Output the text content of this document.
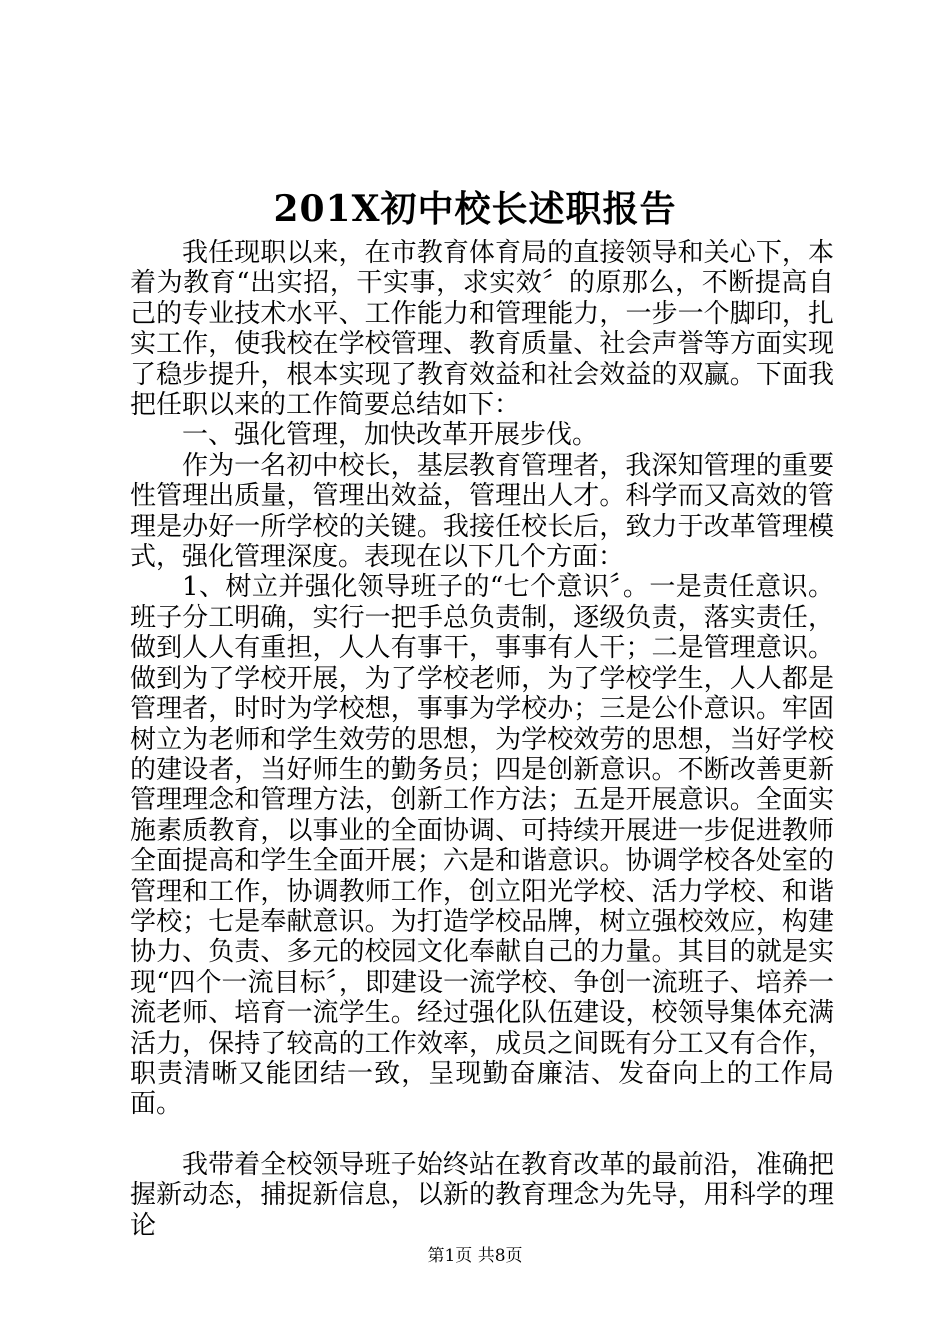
201X初中校长述职报告

我任现职以来，在市教育体育局的直接领导和关心下，本着为教育“出实招，干实事，求实效〞的原那么，不断提高自己的专业技术水平、工作能力和管理能力，一步一个脚印，扎实工作，使我校在学校管理、教育质量、社会声誉等方面实现了稳步提升，根本实现了教育效益和社会效益的双赢。下面我把任职以来的工作简要总结如下：

一、强化管理，加快改革开展步伐。

作为一名初中校长，基层教育管理者，我深知管理的重要性管理出质量，管理出效益，管理出人才。科学而又高效的管理是办好一所学校的关键。我接任校长后，致力于改革管理模式，强化管理深度。表现在以下几个方面：

1、树立并强化领导班子的“七个意识〞。一是责任意识。班子分工明确，实行一把手总负责制，逐级负责，落实责任，做到人人有重担，人人有事干，事事有人干；二是管理意识。做到为了学校开展，为了学校老师，为了学校学生，人人都是管理者，时时为学校想，事事为学校办；三是公仆意识。牢固树立为老师和学生效劳的思想，为学校效劳的思想，当好学校的建设者，当好师生的勤务员；四是创新意识。不断改善更新管理理念和管理方法，创新工作方法；五是开展意识。全面实施素质教育，以事业的全面协调、可持续开展进一步促进教师全面提高和学生全面开展；六是和谐意识。协调学校各处室的管理和工作，协调教师工作，创立阳光学校、活力学校、和谐学校；七是奉献意识。为打造学校品牌，树立强校效应，构建协力、负责、多元的校园文化奉献自己的力量。其目的就是实现“四个一流目标〞，即建设一流学校、争创一流班子、培养一流老师、培育一流学生。经过强化队伍建设，校领导集体充满活力，保持了较高的工作效率，成员之间既有分工又有合作，职责清晰又能团结一致，呈现勤奋廉洁、发奋向上的工作局面。

我带着全校领导班子始终站在教育改革的最前沿，准确把握新动态，捕捉新信息，以新的教育理念为先导，用科学的理论

第1页 共8页
